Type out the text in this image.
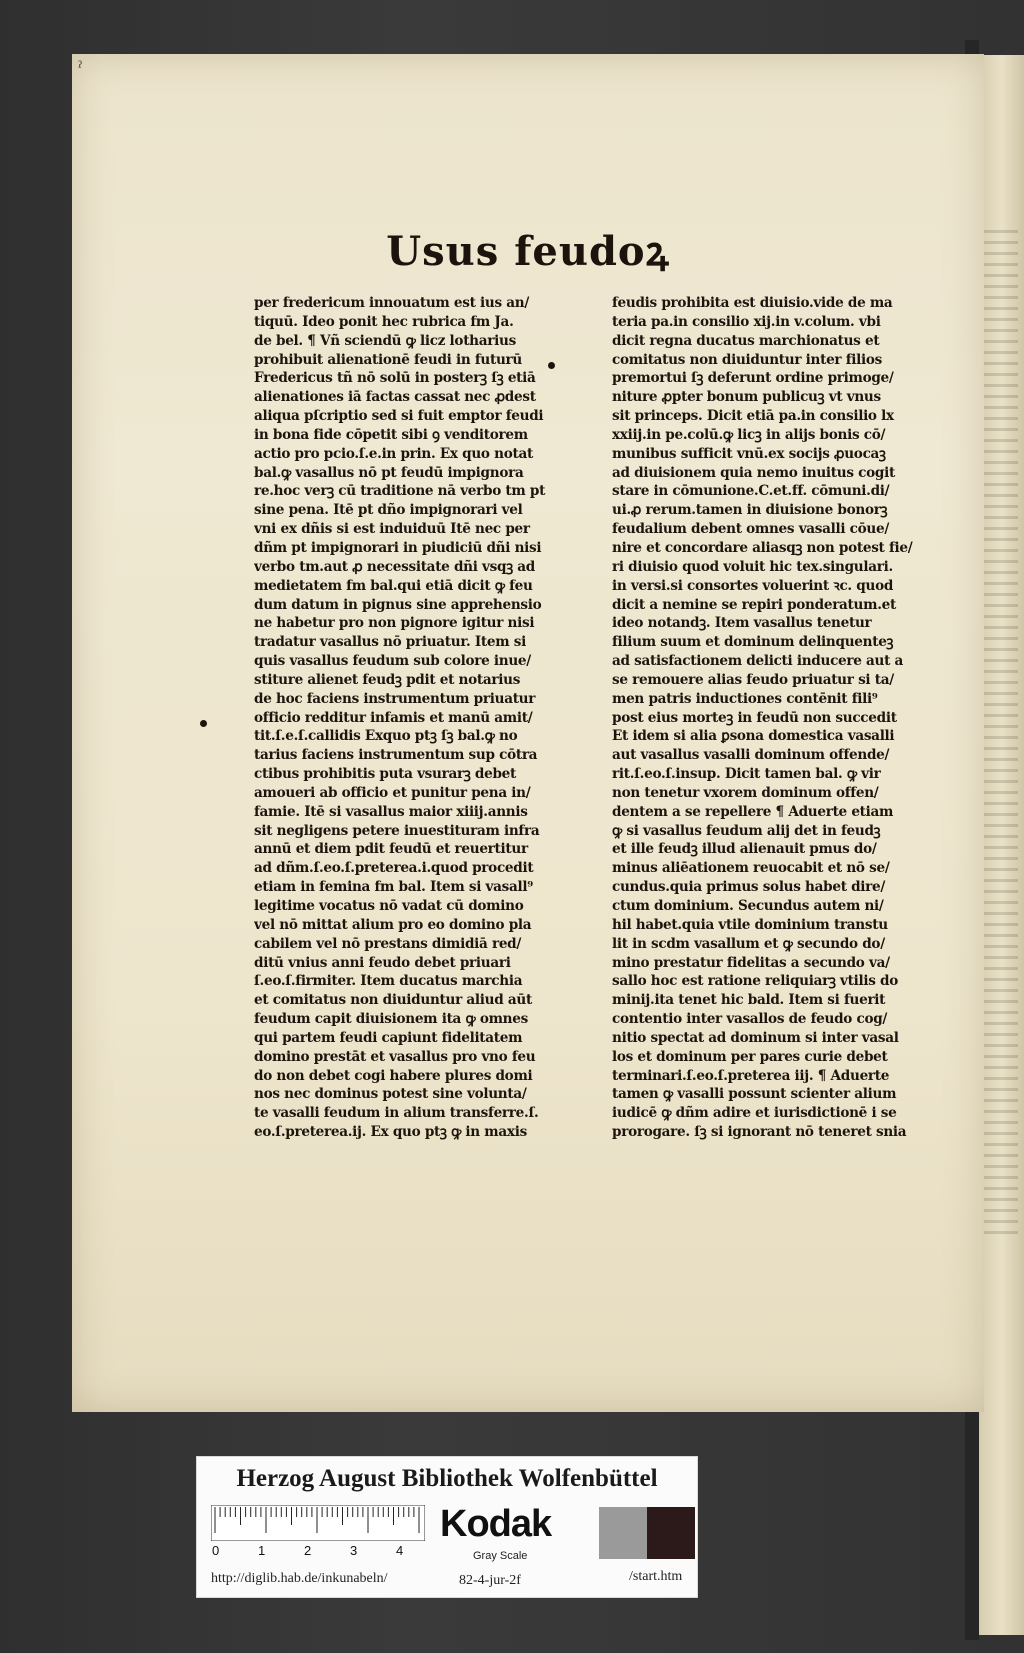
ˀ
Usus feudoꝝ
per fredericum innouatum est ius an/
tiquū. Ideo ponit hec rubrica fm Ja.
de bel. ¶ Vñ sciendū ꝙ licz lotharius
prohibuit alienationē feudi in futurū
Fredericus tñ nō solū in posterꝫ ſꝫ etiā
alienationes iā factas cassat nec ꝓdest
aliqua pſcriptio sed si fuit emptor feudi
in bona fide cōpetit sibi ꝯ venditorem
actio pro pcio.ſ.e.in prin. Ex quo notat
bal.ꝙ vasallus nō pt feudū impignora
re.hoc verꝫ cū traditione nā verbo tm pt
sine pena. Itē pt dño impignorari vel
vni ex dñis si est induiduū Itē nec per
dñm pt impignorari in piudiciū dñi nisi
verbo tm.aut ꝓ necessitate dñi vsqꝫ ad
medietatem fm bal.qui etiā dicit ꝙ feu
dum datum in pignus sine apprehensio
ne habetur pro non pignore igitur nisi
tradatur vasallus nō priuatur. Item si
quis vasallus feudum sub colore inue/
stiture alienet feudꝫ pdit et notarius
de hoc faciens instrumentum priuatur
officio redditur infamis et manū amit/
tit.ſ.e.ſ.callidis Exquo ptꝫ ſꝫ bal.ꝙ no
tarius faciens instrumentum sup cōtra
ctibus prohibitis puta vsurarꝫ debet
amoueri ab officio et punitur pena in/
famie. Itē si vasallus maior xiiij.annis
sit negligens petere inuestituram infra
annū et diem pdit feudū et reuertitur
ad dñm.ſ.eo.ſ.preterea.i.quod procedit
etiam in femina fm bal. Item si vasall⁹
legitime vocatus nō vadat cū domino
vel nō mittat alium pro eo domino pla
cabilem vel nō prestans dimidiā red/
ditū vnius anni feudo debet priuari
ſ.eo.ſ.firmiter. Item ducatus marchia
et comitatus non diuiduntur aliud aūt
feudum capit diuisionem ita ꝙ omnes
qui partem feudi capiunt fidelitatem
domino prestāt et vasallus pro vno feu
do non debet cogi habere plures domi
nos nec dominus potest sine volunta/
te vasalli feudum in alium transferre.ſ.
eo.ſ.preterea.ij. Ex quo ptꝫ ꝙ in maxis
feudis prohibita est diuisio.vide de ma
teria pa.in consilio xij.in v.colum. vbi
dicit regna ducatus marchionatus et
comitatus non diuiduntur inter filios
premortui ſꝫ deferunt ordine primoge/
niture ꝓpter bonum publicuꝫ vt vnus
sit princeps. Dicit etiā pa.in consilio lx
xxiij.in pe.colū.ꝙ licꝫ in alijs bonis cō/
munibus sufficit vnū.ex socijs ꝓuocaꝫ
ad diuisionem quia nemo inuitus cogit
stare in cōmunione.C.et.ff. cōmuni.di/
ui.ꝓ rerum.tamen in diuisione bonorꝫ
feudalium debent omnes vasalli cōue/
nire et concordare aliasqꝫ non potest fie/
ri diuisio quod voluit hic tex.singulari.
in versi.si consortes voluerint ꝛc. quod
dicit a nemine se repiri ponderatum.et
ideo notandꝫ. Item vasallus tenetur
filium suum et dominum delinquenteꝫ
ad satisfactionem delicti inducere aut a
se remouere alias feudo priuatur si ta/
men patris inductiones contēnit fili⁹
post eius morteꝫ in feudū non succedit
Et idem si alia ꝑsona domestica vasalli
aut vasallus vasalli dominum offende/
rit.ſ.eo.ſ.insup. Dicit tamen bal. ꝙ vir
non tenetur vxorem dominum offen/
dentem a se repellere ¶ Aduerte etiam
ꝙ si vasallus feudum alij det in feudꝫ
et ille feudꝫ illud alienauit pmus do/
minus aliēationem reuocabit et nō se/
cundus.quia primus solus habet dire/
ctum dominium. Secundus autem ni/
hil habet.quia vtile dominium transtu
lit in scdm vasallum et ꝙ secundo do/
mino prestatur fidelitas a secundo va/
sallo hoc est ratione reliquiarꝫ vtilis do
minij.ita tenet hic bald. Item si fuerit
contentio inter vasallos de feudo cog/
nitio spectat ad dominum si inter vasal
los et dominum per pares curie debet
terminari.ſ.eo.ſ.preterea iij. ¶ Aduerte
tamen ꝙ vasalli possunt scienter alium
iudicē ꝙ dñm adire et iurisdictionē i se
prorogare. ſꝫ si ignorant nō teneret snia
Herzog August Bibliothek Wolfenbüttel
0	1	2	3	4
Kodak
Gray Scale
http://diglib.hab.de/inkunabeln/	82-4-jur-2f	/start.htm
